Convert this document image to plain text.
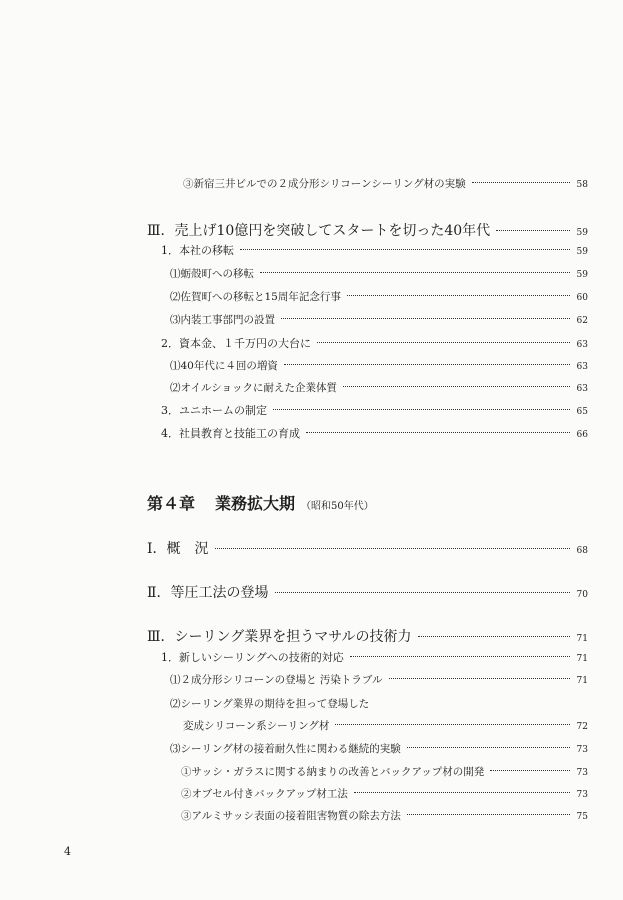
③新宿三井ビルでの２成分形シリコーンシーリング材の実験	58
Ⅲ．売上げ10億円を突破してスタートを切った40年代	59
1．本社の移転	59
⑴蛎殻町への移転	59
⑵佐賀町への移転と15周年記念行事	60
⑶内装工事部門の設置	62
2．資本金、１千万円の大台に	63
⑴40年代に４回の増資	63
⑵オイルショックに耐えた企業体質	63
3．ユニホームの制定	65
4．社員教育と技能工の育成	66
第４章 業務拡大期 （昭和50年代）
Ⅰ．概　況	68
Ⅱ．等圧工法の登場	70
Ⅲ．シーリング業界を担うマサルの技術力	71
1．新しいシーリングへの技術的対応	71
⑴２成分形シリコーンの登場と 汚染トラブル	71
⑵シーリング業界の期待を担って登場した
変成シリコーン系シーリング材	72
⑶シーリング材の接着耐久性に関わる継続的実験	73
①サッシ・ガラスに関する納まりの改善とバックアップ材の開発	73
②オブセル付きバックアップ材工法	73
③アルミサッシ表面の接着阻害物質の除去方法	75
4
